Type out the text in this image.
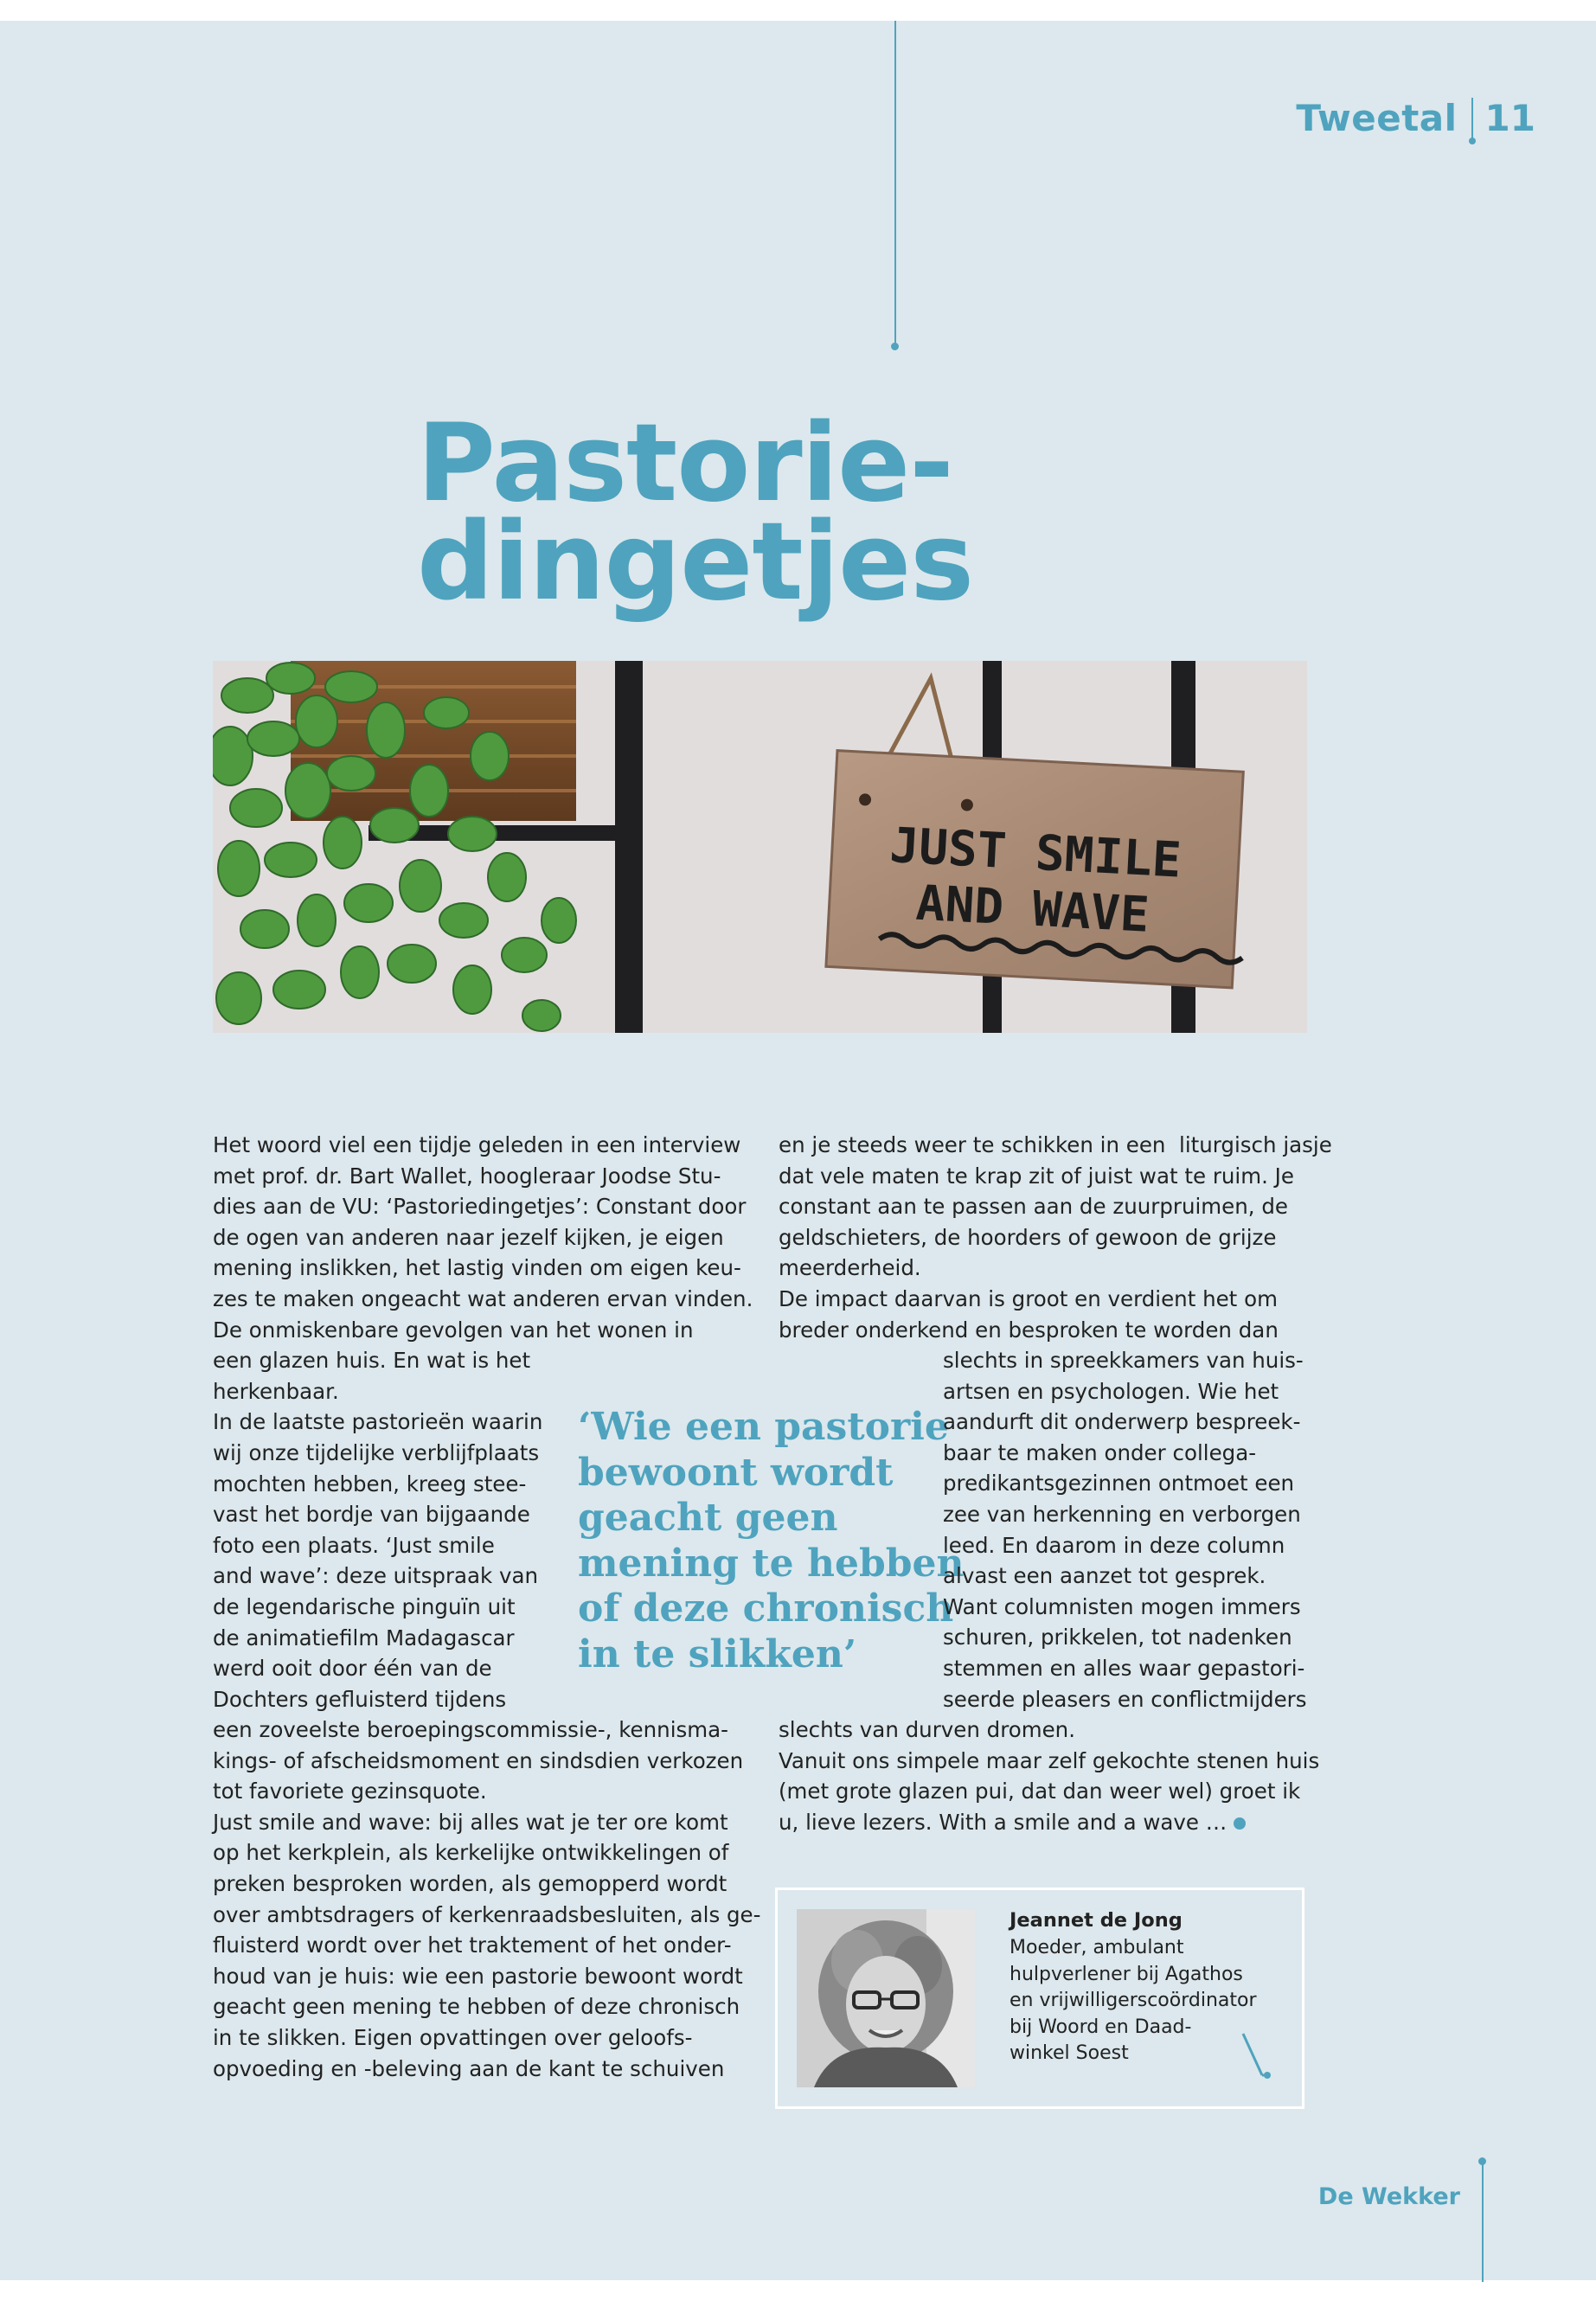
Tweetal 11
Pastorie-
dingetjes
JUST SMILE
AND WAVE
Het woord viel een tijdje geleden in een interview
met prof. dr. Bart Wallet, hoogleraar Joodse Stu-
dies aan de VU: ‘Pastoriedingetjes’: Constant door
de ogen van anderen naar jezelf kijken, je eigen
mening inslikken, het lastig vinden om eigen keu-
zes te maken ongeacht wat anderen ervan vinden.
De onmiskenbare gevolgen van het wonen in
een glazen huis. En wat is het
herkenbaar.
In de laatste pastorieën waarin
wij onze tijdelijke verblijfplaats
mochten hebben, kreeg stee-
vast het bordje van bijgaande
foto een plaats. ‘Just smile
and wave’: deze uitspraak van
de legendarische pinguïn uit
de animatiefilm Madagascar
werd ooit door één van de
Dochters gefluisterd tijdens
een zoveelste beroepingscommissie-, kennisma-
kings- of afscheidsmoment en sindsdien verkozen
tot favoriete gezinsquote.
Just smile and wave: bij alles wat je ter ore komt
op het kerkplein, als kerkelijke ontwikkelingen of
preken besproken worden, als gemopperd wordt
over ambtsdragers of kerkenraadsbesluiten, als ge-
fluisterd wordt over het traktement of het onder-
houd van je huis: wie een pastorie bewoont wordt
geacht geen mening te hebben of deze chronisch
in te slikken. Eigen opvattingen over geloofs-
opvoeding en -beleving aan de kant te schuiven
‘Wie een pastorie
bewoont wordt
geacht geen
mening te hebben
of deze chronisch
in te slikken’
en je steeds weer te schikken in een  liturgisch jasje
dat vele maten te krap zit of juist wat te ruim. Je
constant aan te passen aan de zuurpruimen, de
geldschieters, de hoorders of gewoon de grijze
meerderheid.
De impact daarvan is groot en verdient het om
breder onderkend en besproken te worden dan
slechts in spreekkamers van huis-
artsen en psychologen. Wie het
aandurft dit onderwerp bespreek-
baar te maken onder collega-
predikantsgezinnen ontmoet een
zee van herkenning en verborgen
leed. En daarom in deze column
alvast een aanzet tot gesprek.
Want columnisten mogen immers
schuren, prikkelen, tot nadenken
stemmen en alles waar gepastori-
seerde pleasers en conflictmijders
slechts van durven dromen.
Vanuit ons simpele maar zelf gekochte stenen huis
(met grote glazen pui, dat dan weer wel) groet ik
u, lieve lezers. With a smile and a wave …
Jeannet de Jong
Moeder, ambulant
hulpverlener bij Agathos
en vrijwilligerscoördinator
bij Woord en Daad-
winkel Soest
De Wekker
